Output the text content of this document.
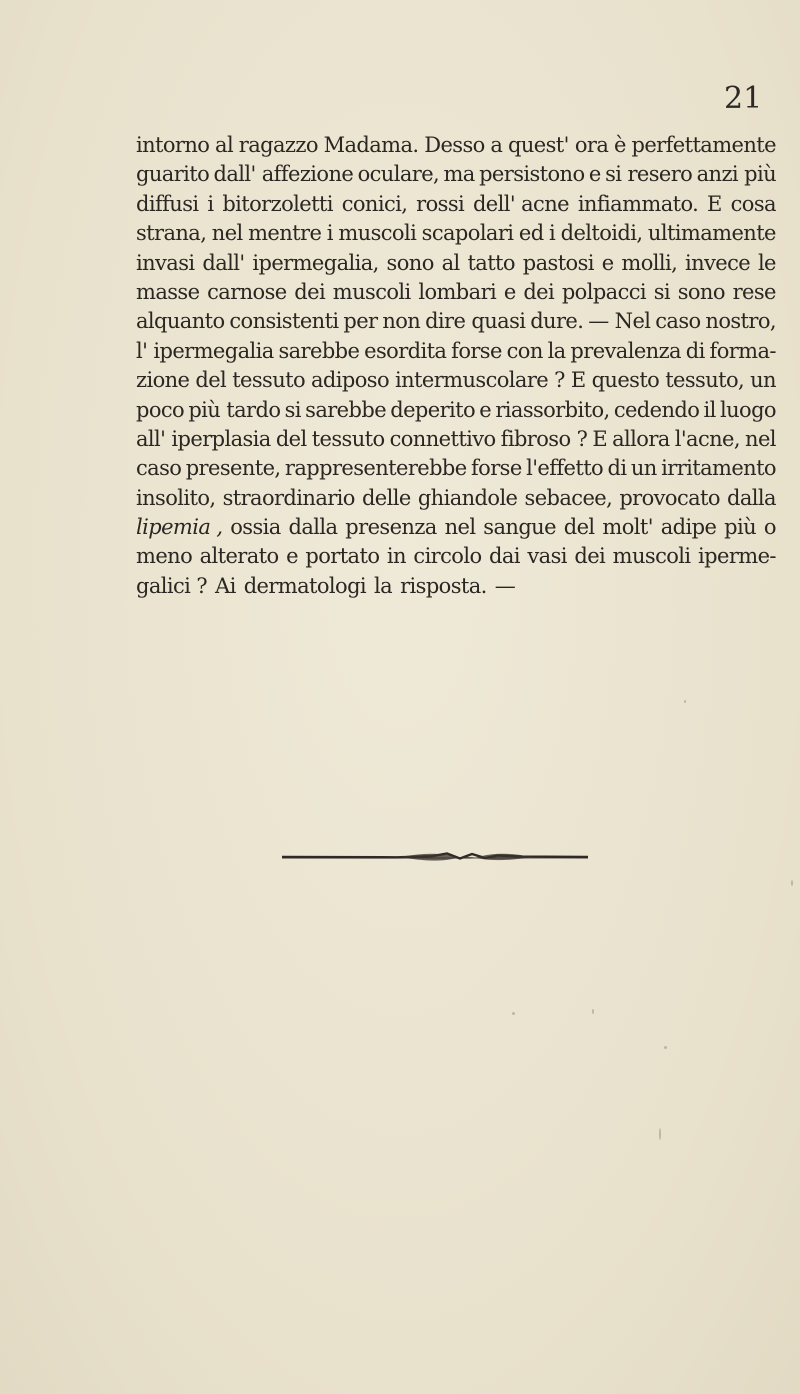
21
intorno al ragazzo Madama. Desso a quest' ora è perfettamente
guarito dall' affezione oculare, ma persistono e si resero anzi più
diffusi i bitorzoletti conici, rossi dell' acne infiammato. E cosa
strana, nel mentre i muscoli scapolari ed i deltoidi, ultimamente
invasi dall' ipermegalia, sono al tatto pastosi e molli, invece le
masse carnose dei muscoli lombari e dei polpacci si sono rese
alquanto consistenti per non dire quasi dure. — Nel caso nostro,
l' ipermegalia sarebbe esordita forse con la prevalenza di forma-
zione del tessuto adiposo intermuscolare ? E questo tessuto, un
poco più tardo si sarebbe deperito e riassorbito, cedendo il luogo
all' iperplasia del tessuto connettivo fibroso ? E allora l'acne, nel
caso presente, rappresenterebbe forse l'effetto di un irritamento
insolito, straordinario delle ghiandole sebacee, provocato dalla
lipemia , ossia dalla presenza nel sangue del molt' adipe più o
meno alterato e portato in circolo dai vasi dei muscoli iperme-
galici ? Ai dermatologi la risposta. —
